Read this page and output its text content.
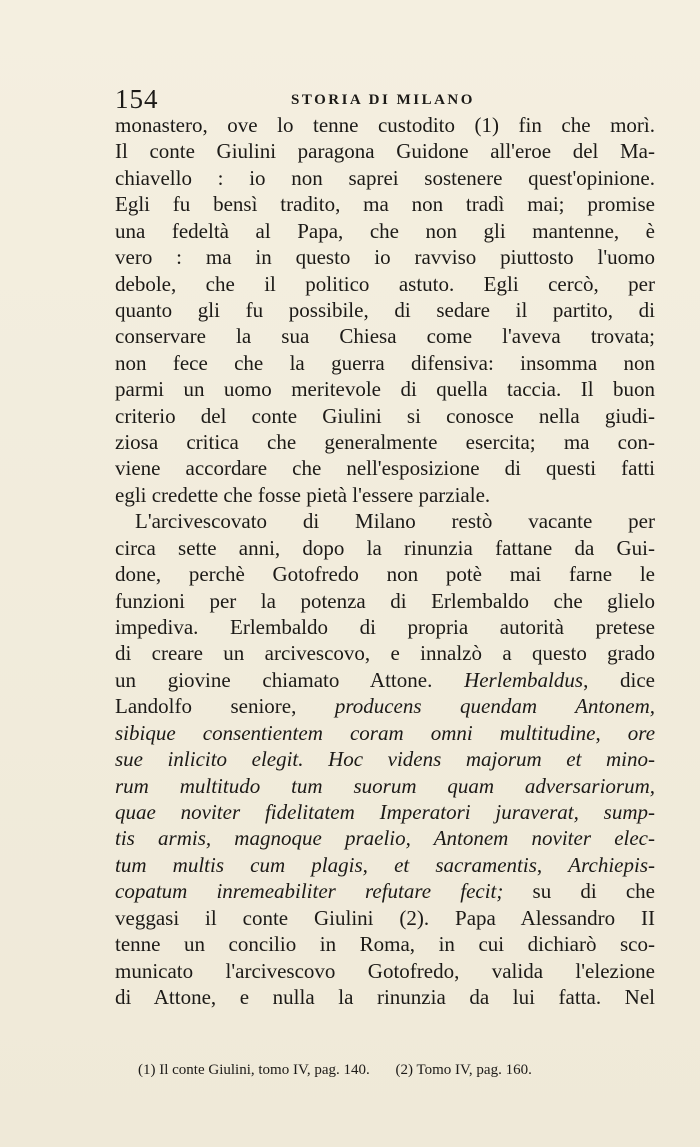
154	STORIA DI MILANO
monastero, ove lo tenne custodito (1) fin che morì.
Il conte Giulini paragona Guidone all'eroe del Ma-
chiavello : io non saprei sostenere quest'opinione.
Egli fu bensì tradito, ma non tradì mai; promise
una fedeltà al Papa, che non gli mantenne, è
vero : ma in questo io ravviso piuttosto l'uomo
debole, che il politico astuto. Egli cercò, per
quanto gli fu possibile, di sedare il partito, di
conservare la sua Chiesa come l'aveva trovata;
non fece che la guerra difensiva: insomma non
parmi un uomo meritevole di quella taccia. Il buon
criterio del conte Giulini si conosce nella giudi-
ziosa critica che generalmente esercita; ma con-
viene accordare che nell'esposizione di questi fatti
egli credette che fosse pietà l'essere parziale.
L'arcivescovato di Milano restò vacante per
circa sette anni, dopo la rinunzia fattane da Gui-
done, perchè Gotofredo non potè mai farne le
funzioni per la potenza di Erlembaldo che glielo
impediva. Erlembaldo di propria autorità pretese
di creare un arcivescovo, e innalzò a questo grado
un giovine chiamato Attone. Herlembaldus, dice
Landolfo seniore, producens quendam Antonem,
sibique consentientem coram omni multitudine, ore
sue inlicito elegit. Hoc videns majorum et mino-
rum multitudo tum suorum quam adversariorum,
quae noviter fidelitatem Imperatori juraverat, sump-
tis armis, magnoque praelio, Antonem noviter elec-
tum multis cum plagis, et sacramentis, Archiepis-
copatum inremeabiliter refutare fecit; su di che
veggasi il conte Giulini (2). Papa Alessandro II
tenne un concilio in Roma, in cui dichiarò sco-
municato l'arcivescovo Gotofredo, valida l'elezione
di Attone, e nulla la rinunzia da lui fatta. Nel
(1) Il conte Giulini, tomo IV, pag. 140. (2) Tomo IV, pag. 160.
